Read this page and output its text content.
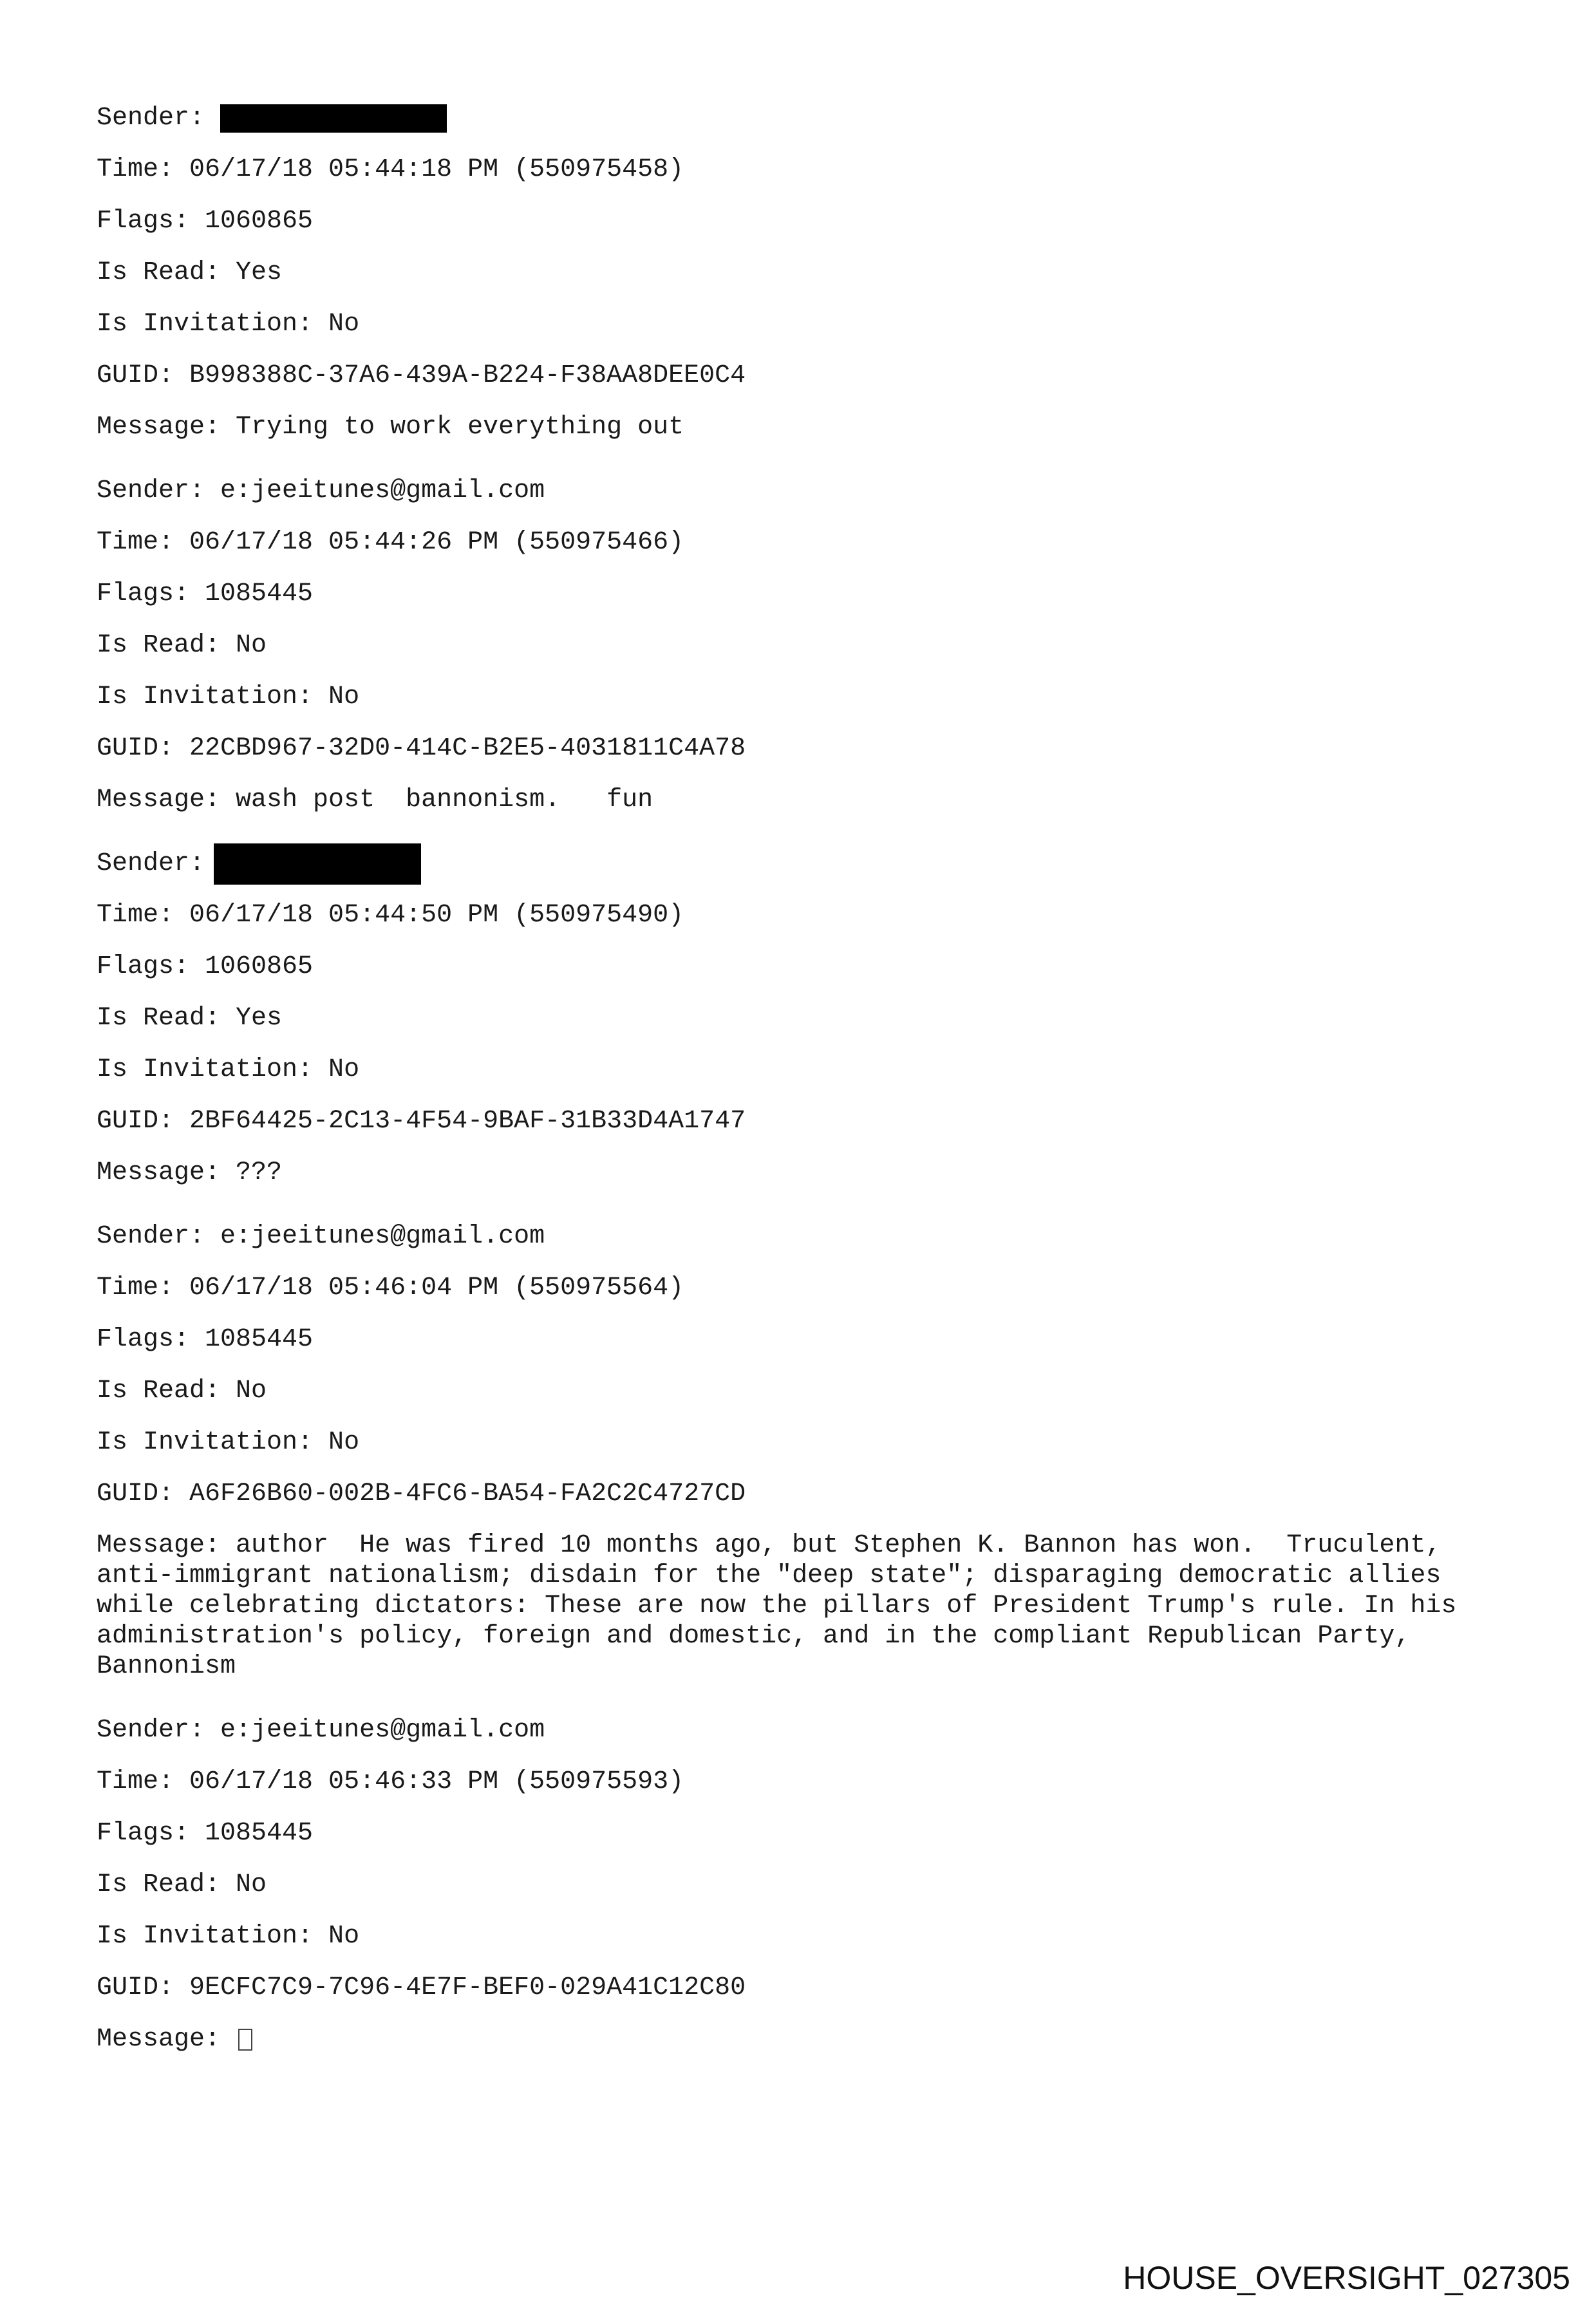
Sender:
Time: 06/17/18 05:44:18 PM (550975458)
Flags: 1060865
Is Read: Yes
Is Invitation: No
GUID: B998388C-37A6-439A-B224-F38AA8DEE0C4
Message: Trying to work everything out
Sender: e:jeeitunes@gmail.com
Time: 06/17/18 05:44:26 PM (550975466)
Flags: 1085445
Is Read: No
Is Invitation: No
GUID: 22CBD967-32D0-414C-B2E5-4031811C4A78
Message: wash post  bannonism.   fun
Sender:
Time: 06/17/18 05:44:50 PM (550975490)
Flags: 1060865
Is Read: Yes
Is Invitation: No
GUID: 2BF64425-2C13-4F54-9BAF-31B33D4A1747
Message: ???
Sender: e:jeeitunes@gmail.com
Time: 06/17/18 05:46:04 PM (550975564)
Flags: 1085445
Is Read: No
Is Invitation: No
GUID: A6F26B60-002B-4FC6-BA54-FA2C2C4727CD
Message: author  He was fired 10 months ago, but Stephen K. Bannon has won.  Truculent, anti-immigrant nationalism; disdain for the "deep state"; disparaging democratic allies while celebrating dictators: These are now the pillars of President Trump's rule. In his administration's policy, foreign and domestic, and in the compliant Republican Party, Bannonism
Sender: e:jeeitunes@gmail.com
Time: 06/17/18 05:46:33 PM (550975593)
Flags: 1085445
Is Read: No
Is Invitation: No
GUID: 9ECFC7C9-7C96-4E7F-BEF0-029A41C12C80
Message:
HOUSE_OVERSIGHT_027305
